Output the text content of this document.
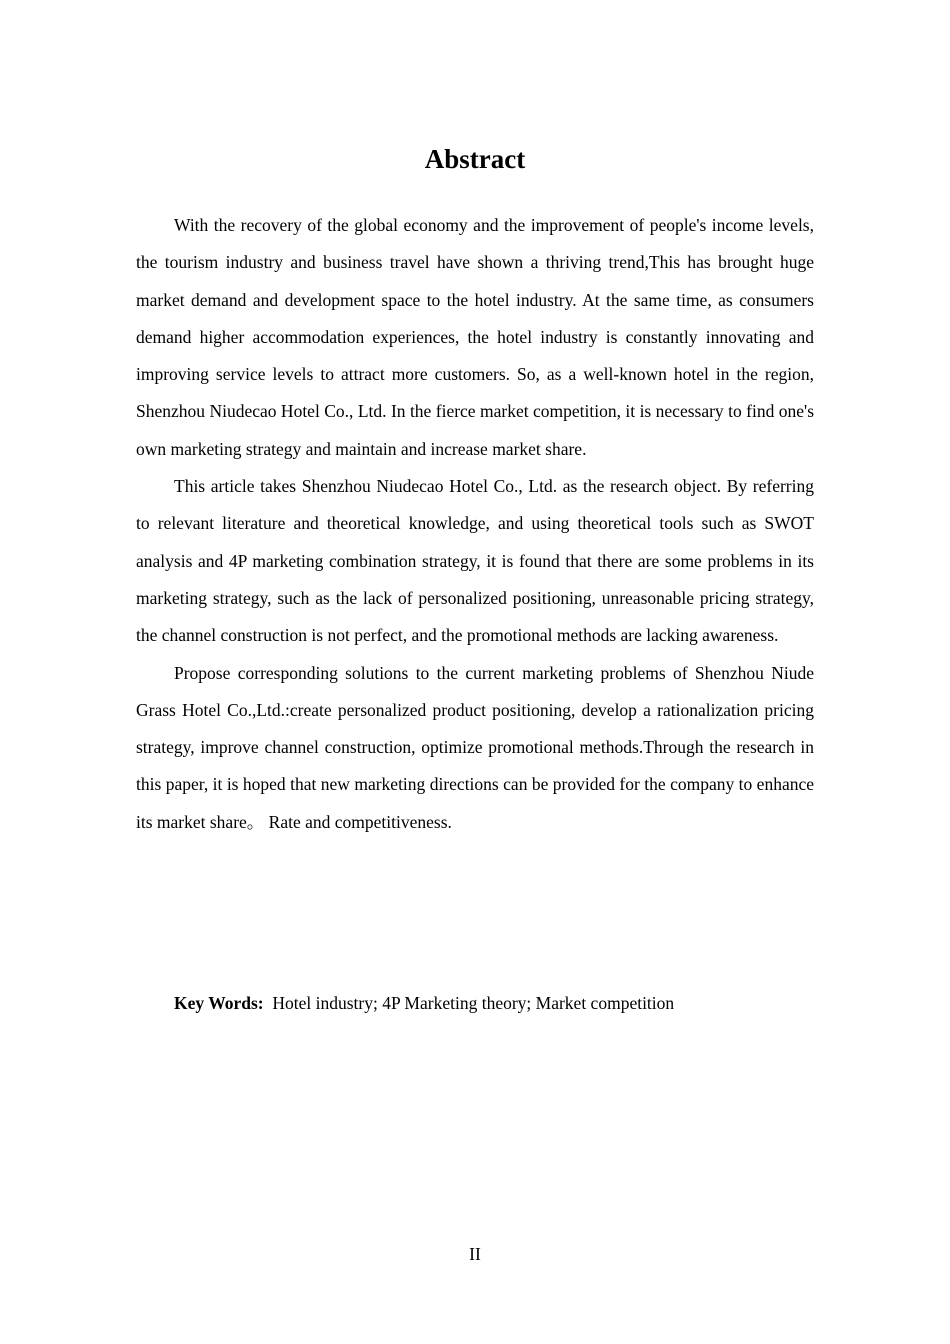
Abstract

With the recovery of the global economy and the improvement of people's income levels, the tourism industry and business travel have shown a thriving trend,This has brought huge market demand and development space to the hotel industry. At the same time, as consumers demand higher accommodation experiences, the hotel industry is constantly innovating and improving service levels to attract more customers. So, as a well-known hotel in the region, Shenzhou Niudecao Hotel Co., Ltd. In the fierce market competition, it is necessary to find one's own marketing strategy and maintain and increase market share.

This article takes Shenzhou Niudecao Hotel Co., Ltd. as the research object. By referring to relevant literature and theoretical knowledge, and using theoretical tools such as SWOT analysis and 4P marketing combination strategy, it is found that there are some problems in its marketing strategy, such as the lack of personalized positioning, unreasonable pricing strategy, the channel construction is not perfect, and the promotional methods are lacking awareness.

Propose corresponding solutions to the current marketing problems of Shenzhou Niude Grass Hotel Co.,Ltd.:create personalized product positioning, develop a rationalization pricing strategy, improve channel construction, optimize promotional methods.Through the research in this paper, it is hoped that new marketing directions can be provided for the company to enhance its market share。 Rate and competitiveness.

Key Words: Hotel industry; 4P Marketing theory; Market competition

II
